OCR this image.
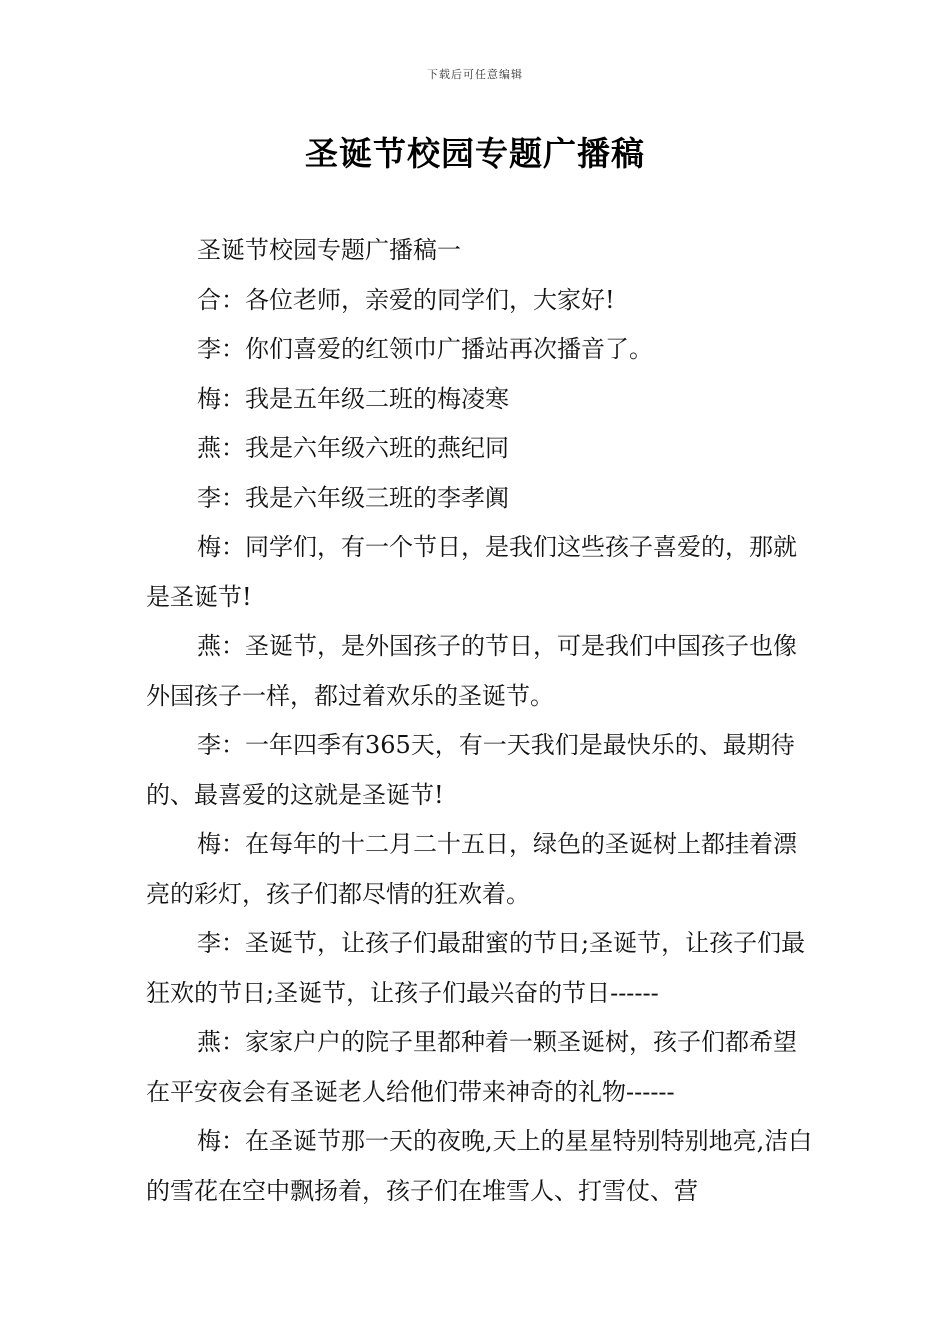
下载后可任意编辑
圣诞节校园专题广播稿

圣诞节校园专题广播稿一

合：各位老师，亲爱的同学们，大家好!

李：你们喜爱的红领巾广播站再次播音了。

梅：我是五年级二班的梅凌寒

燕：我是六年级六班的燕纪同

李：我是六年级三班的李孝阗

梅：同学们，有一个节日，是我们这些孩子喜爱的，那就是圣诞节!

燕：圣诞节，是外国孩子的节日，可是我们中国孩子也像外国孩子一样，都过着欢乐的圣诞节。

李：一年四季有365天，有一天我们是最快乐的、最期待的、最喜爱的这就是圣诞节!

梅：在每年的十二月二十五日，绿色的圣诞树上都挂着漂亮的彩灯，孩子们都尽情的狂欢着。

李：圣诞节，让孩子们最甜蜜的节日;圣诞节，让孩子们最狂欢的节日;圣诞节，让孩子们最兴奋的节日------

燕：家家户户的院子里都种着一颗圣诞树，孩子们都希望在平安夜会有圣诞老人给他们带来神奇的礼物------

梅：在圣诞节那一天的夜晚,天上的星星特别特别地亮,洁白的雪花在空中飘扬着，孩子们在堆雪人、打雪仗、营
